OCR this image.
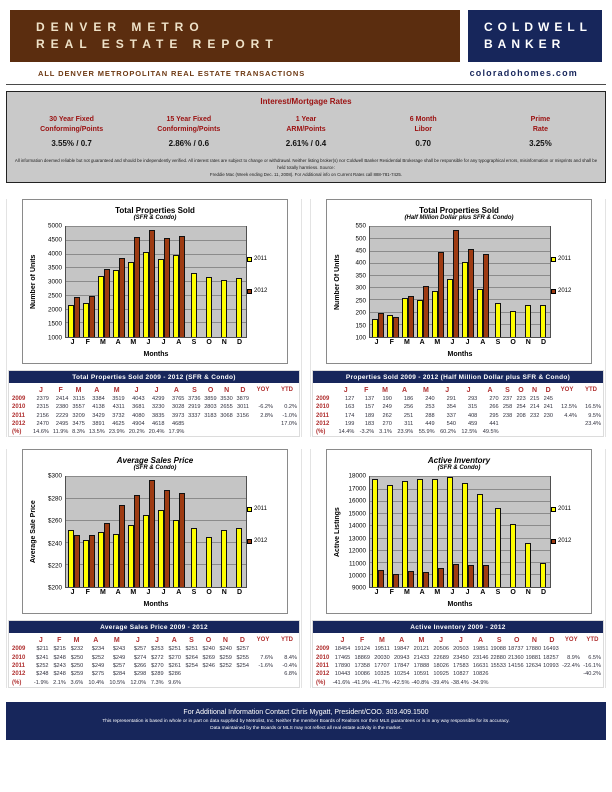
DENVER METRO
REAL ESTATE REPORT
COLDWELL
BANKER
ALL DENVER METROPOLITAN REAL ESTATE TRANSACTIONS	coloradohomes.com
Interest/Mortgage Rates
30 Year Fixed
Conforming/Points
3.55% / 0.7
15 Year Fixed
Conforming/Points
2.86% / 0.6
1 Year
ARM/Points
2.61% / 0.4
6 Month
Libor
0.70
Prime
Rate
3.25%
All information deemed reliable but not guaranteed and should be independently verified. All interest rates are subject to change or withdrawal. Neither listing broker(s) nor Coldwell Banker Residential Brokerage shall be responsible for any typographical errors, misinformation or misprints and shall be held totally harmless. Source:
Freddie Mac (Week ending Dec. 11, 2008). For Additional info on Current Rates call 888-781-7425.
Total Properties Sold
(SFR & Condo)
Number of Units
1000
1500
2000
2500
3000
3500
4000
4500
5000
J	F	M	A	M	J	J	A	S	O	N	D
Months
2011
2012
Total Properties Sold 2009 - 2012 (SFR & Condo)
	J	F	M	A	M	J	J	A	S	O	N	D	YOY	YTD
2009	2379	2414	3115	3384	3519	4043	4299	3765	3736	3859	3530	3879		
2010	2315	2380	3557	4138	4311	3681	3230	3028	2919	2803	2655	3011	-6.2%	0.2%
2011	2156	2229	3209	3429	3732	4080	3835	3973	3337	3183	3068	3156	2.8%	-1.0%
2012	2470	2495	3475	3891	4625	4904	4618	4685						17.0%
(%)	14.6%	11.9%	8.3%	13.5%	23.9%	20.2%	20.4%	17.9%						
Total Properties Sold
(Half Million Dollar plus SFR & Condo)
Number Of Units
100
150
200
250
300
350
400
450
500
550
J	F	M	A	M	J	J	A	S	O	N	D
Months
2011
2012
Properties Sold 2009 - 2012 (Half Million Dollar plus SFR & Condo)
	J	F	M	A	M	J	J	A	S	O	N	D	YOY	YTD
2009	127	137	190	186	240	291	293	270	237	223	215	245		
2010	163	157	249	256	253	354	315	266	258	254	214	241	12.5%	16.5%
2011	174	189	262	251	288	337	408	295	238	208	232	230	4.4%	9.5%
2012	199	183	270	311	449	540	459	441						23.4%
(%)	14.4%	-3.2%	3.1%	23.9%	55.9%	60.2%	12.5%	49.5%						
Average Sales Price
(SFR & Condo)
Average Sale Price
$200
$220
$240
$260
$280
$300
J	F	M	A	M	J	J	A	S	O	N	D
Months
2011
2012
Average Sales Price 2009 - 2012
	J	F	M	A	M	J	J	A	S	O	N	D	YOY	YTD
2009	$211	$215	$232	$234	$243	$257	$253	$251	$251	$240	$240	$257		
2010	$241	$248	$250	$252	$249	$274	$272	$270	$264	$269	$259	$255	7.6%	8.4%
2011	$252	$243	$250	$249	$257	$266	$270	$261	$254	$246	$252	$254	-1.6%	-0.4%
2012	$248	$248	$259	$275	$284	$298	$289	$286						6.8%
(%)	-1.9%	2.1%	3.6%	10.4%	10.5%	12.0%	7.3%	9.6%						
Active Inventory
(SFR & Condo)
Active Listings
9000
10000
11000
12000
13000
14000
15000
16000
17000
18000
J	F	M	A	M	J	J	A	S	O	N	D
Months
2011
2012
Active Inventory 2009 - 2012
	J	F	M	A	M	J	J	A	S	O	N	D	YOY	YTD
2009	18454	19124	19511	19847	20121	20506	20503	19851	19088	18737	17880	16493		
2010	17465	18869	20030	20943	21433	22689	23450	23146	22880	21360	19881	18257	8.9%	6.5%
2011	17890	17358	17707	17847	17888	18026	17583	16631	15533	14156	12634	10993	-22.4%	-16.1%
2012	10443	10086	10325	10254	10591	10925	10827	10826						-40.2%
(%)	-41.6%	-41.9%	-41.7%	-42.5%	-40.8%	-39.4%	-38.4%	-34.9%						
For Additional Information Contact Chris Mygatt, President/COO. 303.409.1500
This representation is based in whole or in part on data supplied by Metrolist, Inc. Neither the member Boards of Realtors nor their MLS guarantees or is in any way responsible for its accuracy.
Data maintained by the Boards or MLS may not reflect all real estate activity in the market.
